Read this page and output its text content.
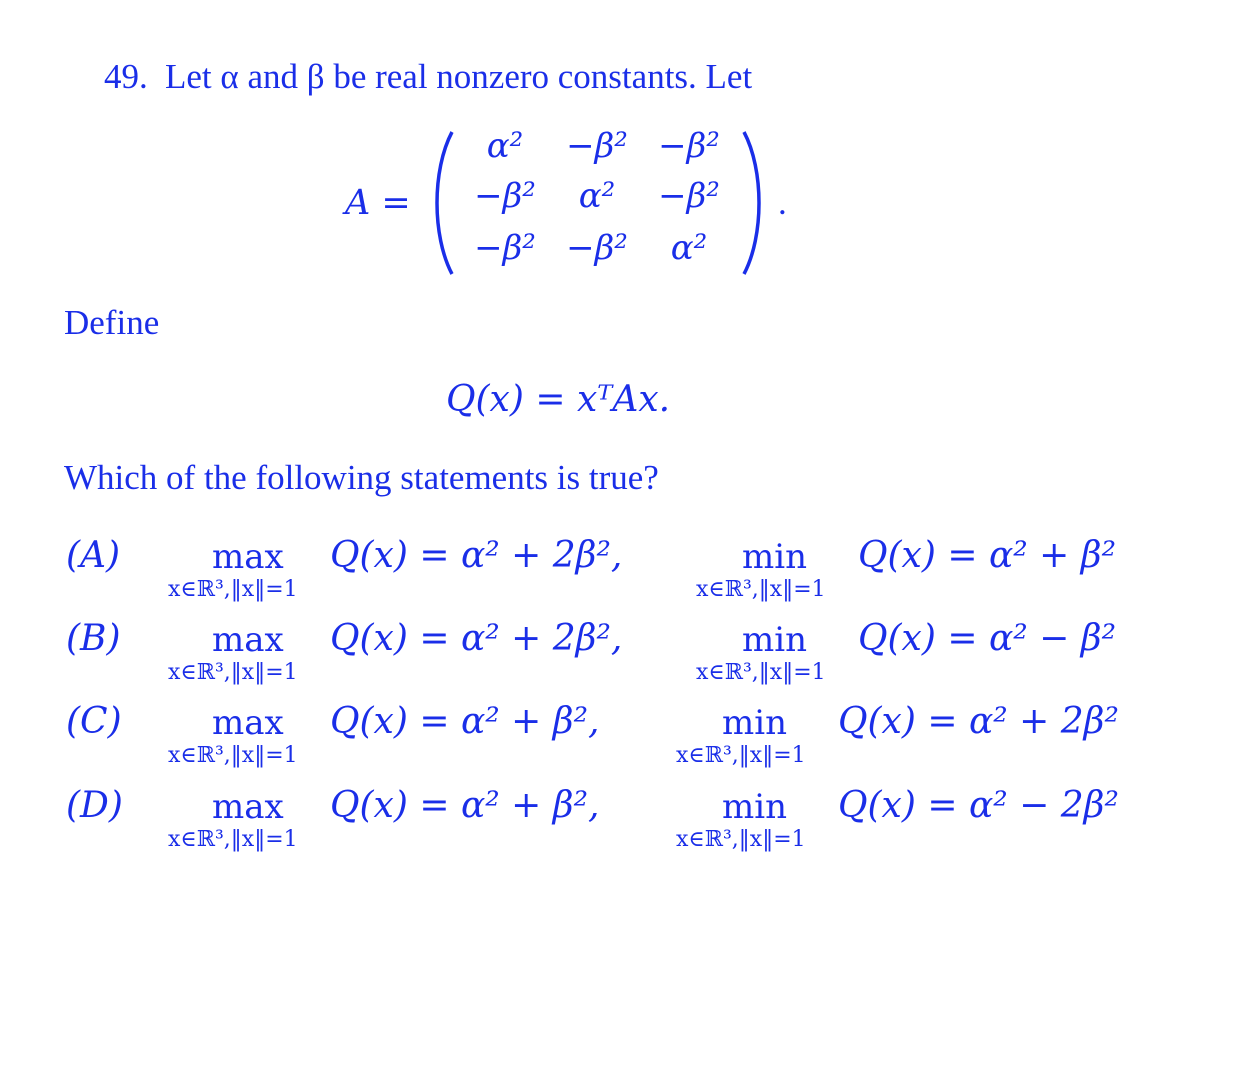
49. Let α and β be real nonzero constants. Let
A =
α²	−β² −β²
−β²	α²	−β²
−β² −β²	α²
.
Define
Q(x) = xᵀAx.
Which of the following statements is true?
(A)	max
x∈ℝ³,‖x‖=1
Q(x) = α² + 2β²,	min
x∈ℝ³,‖x‖=1
Q(x) = α² + β²
(B)	max
x∈ℝ³,‖x‖=1
Q(x) = α² + 2β²,	min
x∈ℝ³,‖x‖=1
Q(x) = α² − β²
(C)	max
x∈ℝ³,‖x‖=1
Q(x) = α² + β²,	min
x∈ℝ³,‖x‖=1
Q(x) = α² + 2β²
(D)	max
x∈ℝ³,‖x‖=1
Q(x) = α² + β²,	min
x∈ℝ³,‖x‖=1
Q(x) = α² − 2β²
